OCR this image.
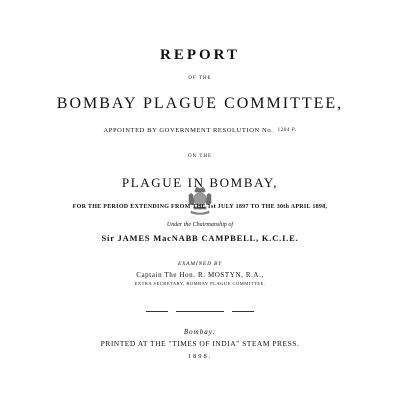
REPORT
OF THE
BOMBAY PLAGUE COMMITTEE,
APPOINTED BY GOVERNMENT RESOLUTION No. 1204 P.
ON THE
PLAGUE IN BOMBAY,
FOR THE PERIOD EXTENDING FROM THE 1st JULY 1897 TO THE 30th APRIL 1898,
Under the Chairmanship of
Sir JAMES MacNABB CAMPBELL, K.C.I.E.
EXAMINED BY
Captain The Hon. R. MOSTYN, R.A.,
EXTRA SECRETARY, BOMBAY PLAGUE COMMITTEE.
Bombay:
PRINTED AT THE "TIMES OF INDIA" STEAM PRESS.
1898.
